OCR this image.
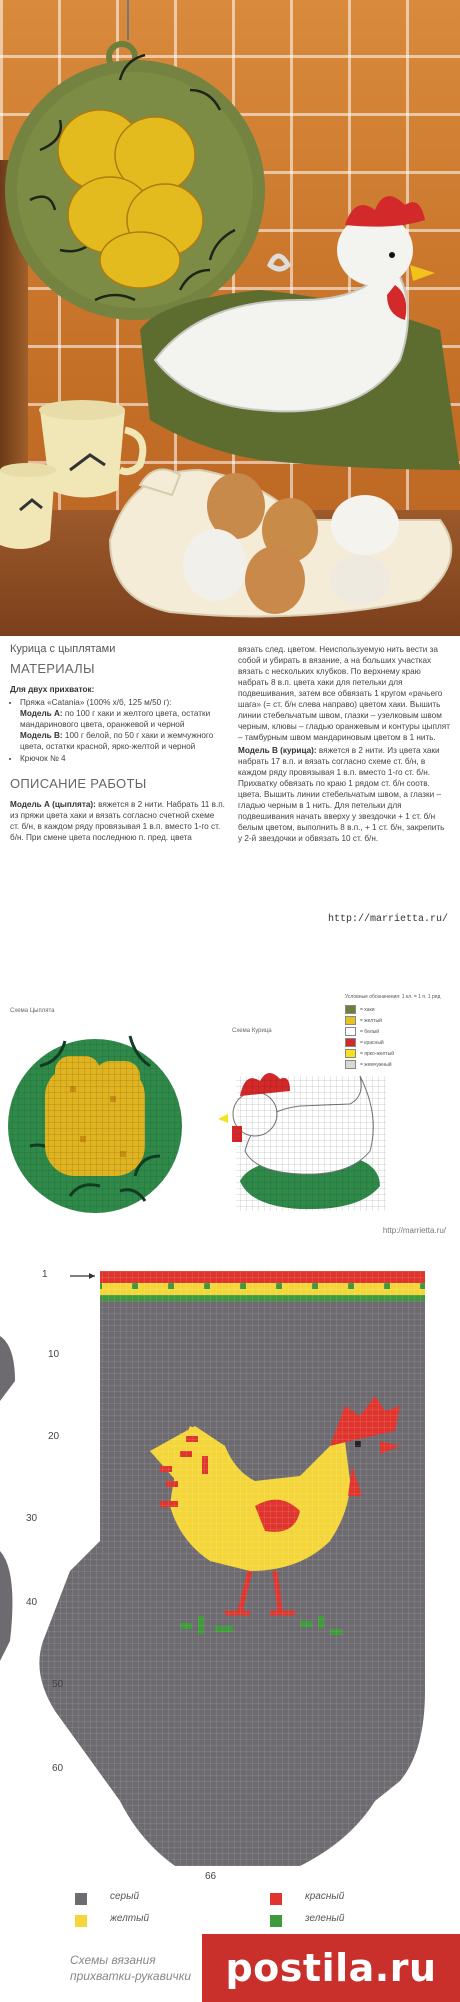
Курица с цыплятами
МАТЕРИАЛЫ
Для двух прихваток:
• Пряжа «Catania» (100% х/б, 125 м/50 г):
Модель А: по 100 г хаки и желтого цвета, остатки мандаринового цвета, оранжевой и черной
Модель В: 100 г белой, по 50 г хаки и жемчужного цвета, остатки красной, ярко-желтой и черной
• Крючок № 4
ОПИСАНИЕ РАБОТЫ
Модель А (цыплята): вяжется в 2 нити. Набрать 11 в.п. из пряжи цвета хаки и вязать согласно счетной схеме ст. б/н, в каждом ряду провязывая 1 в.п. вместо 1-го ст. б/н. При смене цвета последнюю п. пред. цвета
вязать след. цветом. Неиспользуемую нить вести за собой и убирать в вязание, а на больших участках вязать с нескольких клубков. По верхнему краю набрать 8 в.п. цвета хаки для петельки для подвешивания, затем все обвязать 1 кругом «рачьего шага» (= ст. б/н слева направо) цветом хаки. Вышить линии стебельчатым швом, глазки – узелковым швом черным, клювы – гладью оранжевым и контуры цыплят – тамбурным швом мандариновым цветом в 1 нить.
Модель В (курица): вяжется в 2 нити. Из цвета хаки набрать 17 в.п. и вязать согласно схеме ст. б/н, в каждом ряду провязывая 1 в.п. вместо 1-го ст. б/н. Прихватку обвязать по краю 1 рядом ст. б/н соотв. цвета. Вышить линии стебельчатым швом, а глазки – гладью черным в 1 нить. Для петельки для подвешивания начать вверху у звездочки + 1 ст. б/н белым цветом, выполнить 8 в.п., + 1 ст. б/н, закрепить у 2-й звездочки и обвязать 10 ст. б/н.
http://marrietta.ru/
Схема Цыплята
Схема Курица
Условные обозначения: 1 кл. = 1 п. 1 ряд
= хаки
= желтый
= белый
= красный
= ярко-желтый
= жемчужный
http://marrietta.ru/
1
10
20
30
40
50
60
66
серый	красный
желтый	зеленый
Схемы вязания
прихватки-рукавички postila.ru
